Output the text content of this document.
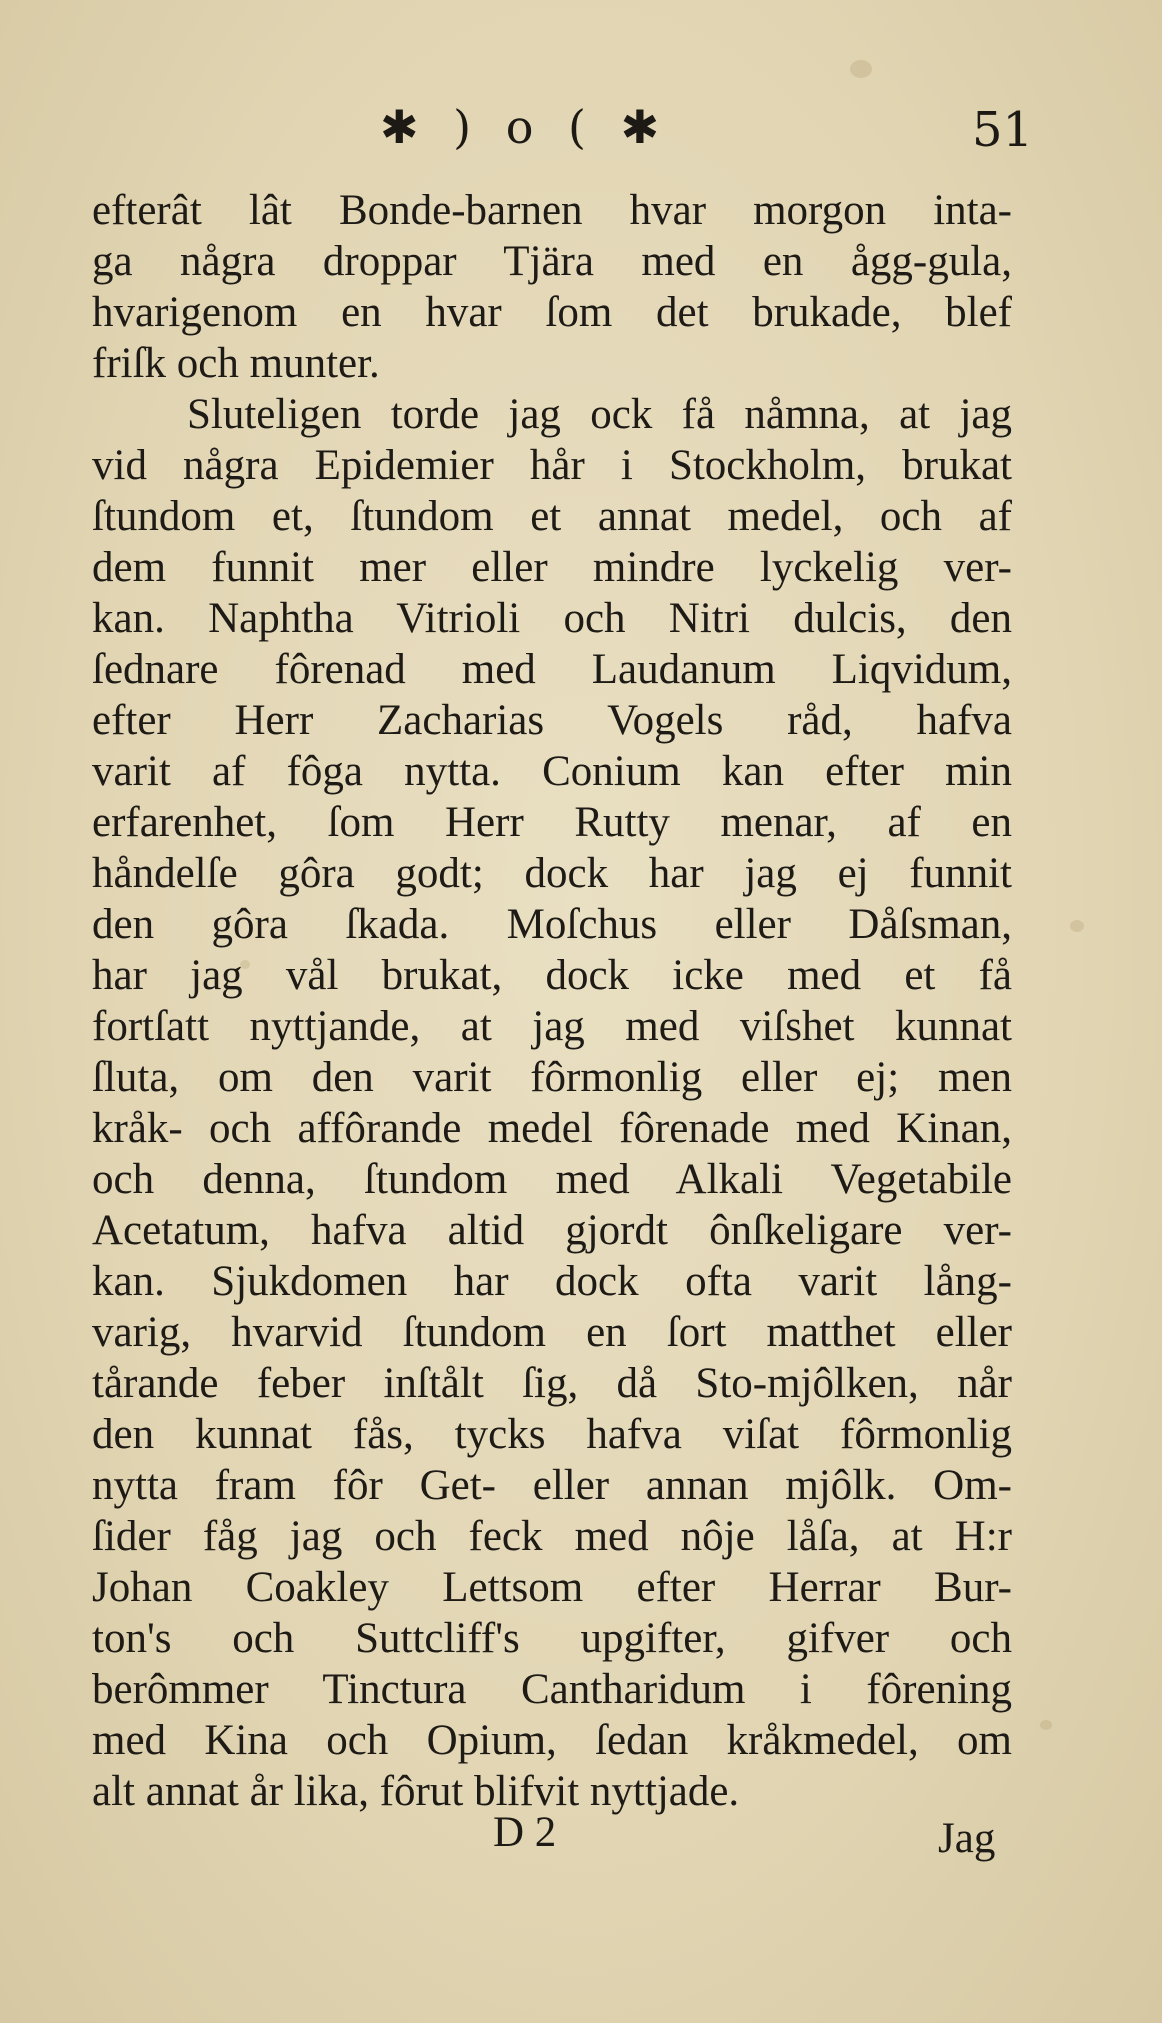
✱ ) o ( ✱	51
efterât lât Bonde-barnen hvar morgon inta-
ga några droppar Tjära med en ågg-gula,
hvarigenom en hvar ſom det brukade, blef
friſk och munter.
Sluteligen torde jag ock få nåmna, at jag
vid några Epidemier hår i Stockholm, brukat
ſtundom et, ſtundom et annat medel, och af
dem funnit mer eller mindre lyckelig ver-
kan. Naphtha Vitrioli och Nitri dulcis, den
ſednare fôrenad med Laudanum Liqvidum,
efter Herr Zacharias Vogels råd, hafva
varit af fôga nytta. Conium kan efter min
erfarenhet, ſom Herr Rutty menar, af en
håndelſe gôra godt; dock har jag ej funnit
den gôra ſkada. Moſchus eller Dåſsman,
har jag vål brukat, dock icke med et få
fortſatt nyttjande, at jag med viſshet kunnat
ſluta, om den varit fôrmonlig eller ej; men
kråk- och affôrande medel fôrenade med Kinan,
och denna, ſtundom med Alkali Vegetabile
Acetatum, hafva altid gjordt ônſkeligare ver-
kan. Sjukdomen har dock ofta varit lång-
varig, hvarvid ſtundom en ſort matthet eller
tårande feber inſtålt ſig, då Sto-mjôlken, når
den kunnat fås, tycks hafva viſat fôrmonlig
nytta fram fôr Get- eller annan mjôlk. Om-
ſider fåg jag och feck med nôje låſa, at H:r
Johan Coakley Lettsom efter Herrar Bur-
ton's och Suttcliff's upgifter, gifver och
berômmer Tinctura Cantharidum i fôrening
med Kina och Opium, ſedan kråkmedel, om
alt annat år lika, fôrut blifvit nyttjade.
D 2	Jag
